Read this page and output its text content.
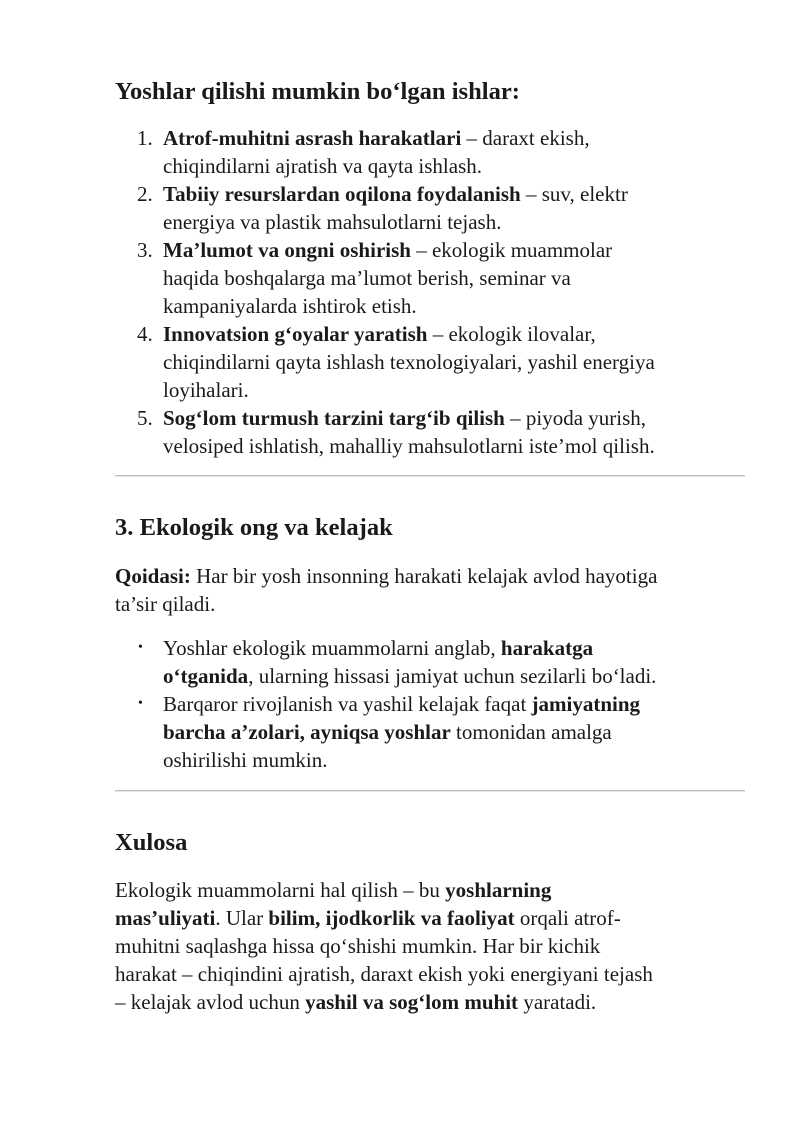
Yoshlar qilishi mumkin bo‘lgan ishlar:
1. Atrof-muhitni asrash harakatlari – daraxt ekish,
chiqindilarni ajratish va qayta ishlash.
2. Tabiiy resurslardan oqilona foydalanish – suv, elektr
energiya va plastik mahsulotlarni tejash.
3. Ma’lumot va ongni oshirish – ekologik muammolar
haqida boshqalarga ma’lumot berish, seminar va
kampaniyalarda ishtirok etish.
4. Innovatsion g‘oyalar yaratish – ekologik ilovalar,
chiqindilarni qayta ishlash texnologiyalari, yashil energiya
loyihalari.
5. Sog‘lom turmush tarzini targ‘ib qilish – piyoda yurish,
velosiped ishlatish, mahalliy mahsulotlarni iste’mol qilish.
3. Ekologik ong va kelajak

Qoidasi: Har bir yosh insonning harakati kelajak avlod hayotiga
ta’sir qiladi.

• Yoshlar ekologik muammolarni anglab, harakatga
o‘tganida, ularning hissasi jamiyat uchun sezilarli bo‘ladi.
• Barqaror rivojlanish va yashil kelajak faqat jamiyatning
barcha a’zolari, ayniqsa yoshlar tomonidan amalga
oshirilishi mumkin.
Xulosa

Ekologik muammolarni hal qilish – bu yoshlarning
mas’uliyati. Ular bilim, ijodkorlik va faoliyat orqali atrof-
muhitni saqlashga hissa qo‘shishi mumkin. Har bir kichik
harakat – chiqindini ajratish, daraxt ekish yoki energiyani tejash
– kelajak avlod uchun yashil va sog‘lom muhit yaratadi.
